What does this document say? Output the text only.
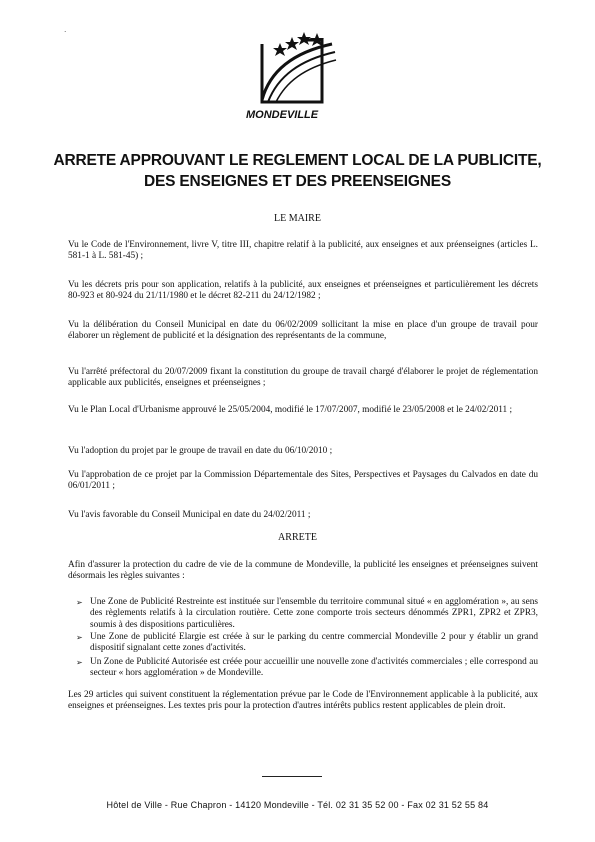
·
MONDEVILLE
ARRETE APPROUVANT LE REGLEMENT LOCAL DE LA PUBLICITE, DES ENSEIGNES ET DES PREENSEIGNES
LE MAIRE
Vu le Code de l'Environnement, livre V, titre III, chapitre relatif à la publicité, aux enseignes et aux préenseignes (articles L. 581-1 à L. 581-45) ;
Vu les décrets pris pour son application, relatifs à la publicité, aux enseignes et préenseignes et particulièrement les décrets 80-923 et 80-924 du 21/11/1980 et le décret 82-211 du 24/12/1982 ;
Vu la délibération du Conseil Municipal en date du 06/02/2009 sollicitant la mise en place d'un groupe de travail pour élaborer un règlement de publicité et la désignation des représentants de la commune,
Vu l'arrêté préfectoral du 20/07/2009 fixant la constitution du groupe de travail chargé d'élaborer le projet de réglementation applicable aux publicités, enseignes et préenseignes ;
Vu le Plan Local d'Urbanisme approuvé le 25/05/2004, modifié le 17/07/2007, modifié le 23/05/2008 et le 24/02/2011 ;
Vu l'adoption du projet par le groupe de travail en date du 06/10/2010 ;
Vu l'approbation de ce projet par la Commission Départementale des Sites, Perspectives et Paysages du Calvados en date du 06/01/2011 ;
Vu l'avis favorable du Conseil Municipal en date du 24/02/2011 ;
ARRETE
Afin d'assurer la protection du cadre de vie de la commune de Mondeville, la publicité les enseignes et préenseignes suivent désormais les règles suivantes :
➢ Une Zone de Publicité Restreinte est instituée sur l'ensemble du territoire communal situé « en agglomération », au sens des règlements relatifs à la circulation routière. Cette zone comporte trois secteurs dénommés ZPR1, ZPR2 et ZPR3, soumis à des dispositions particulières.
➢ Une Zone de publicité Elargie est créée à sur le parking du centre commercial Mondeville 2 pour y établir un grand dispositif signalant cette zones d'activités.
➢ Un Zone de Publicité Autorisée est créée pour accueillir une nouvelle zone d'activités commerciales ; elle correspond au secteur « hors agglomération » de Mondeville.
Les 29 articles qui suivent constituent la réglementation prévue par le Code de l'Environnement applicable à la publicité, aux enseignes et préenseignes. Les textes pris pour la protection d'autres intérêts publics restent applicables de plein droit.
Hôtel de Ville - Rue Chapron - 14120 Mondeville - Tél. 02 31 35 52 00 - Fax 02 31 52 55 84
